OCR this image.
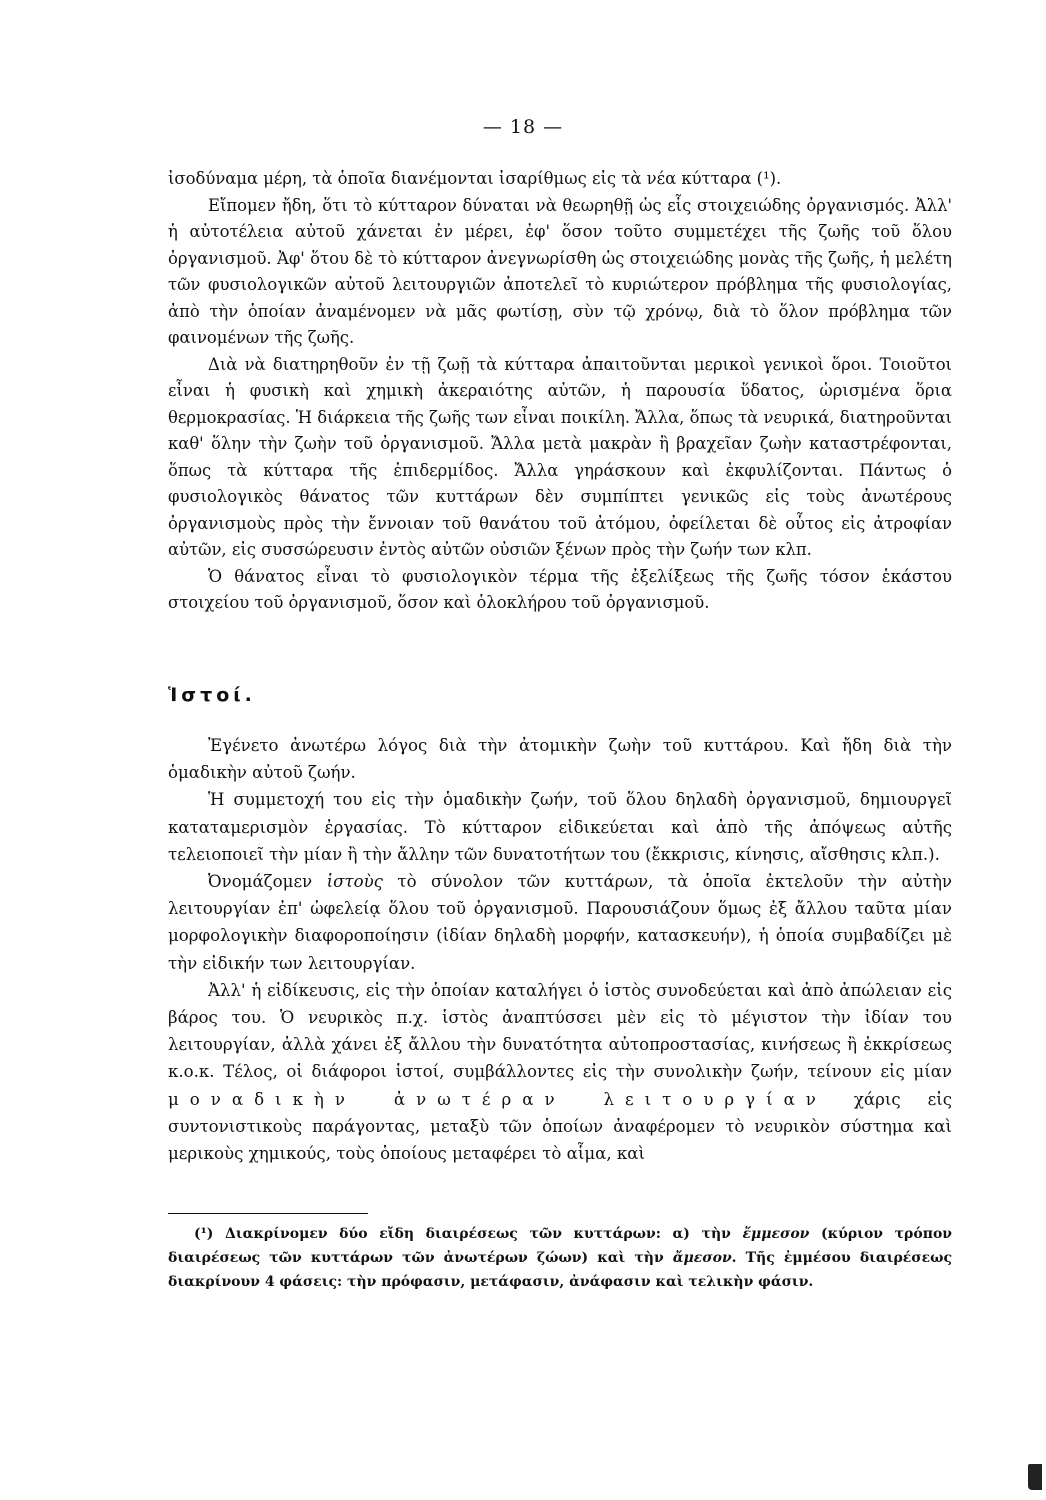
— 18 —

ἰσοδύναμα μέρη, τὰ ὁποῖα διανέμονται ἰσαρίθμως εἰς τὰ νέα κύτταρα (¹).

Εἴπομεν ἤδη, ὅτι τὸ κύτταρον δύναται νὰ θεωρηθῇ ὡς εἷς στοιχειώδης ὀργανισμός. Ἀλλ' ἡ αὐτοτέλεια αὐτοῦ χάνεται ἐν μέρει, ἐφ' ὅσον τοῦτο συμμετέχει τῆς ζωῆς τοῦ ὅλου ὀργανισμοῦ. Ἀφ' ὅτου δὲ τὸ κύτταρον ἀνεγνωρίσθη ὡς στοιχειώδης μονὰς τῆς ζωῆς, ἡ μελέτη τῶν φυσιολογικῶν αὐτοῦ λειτουργιῶν ἀποτελεῖ τὸ κυριώτερον πρόβλημα τῆς φυσιολογίας, ἀπὸ τὴν ὁποίαν ἀναμένομεν νὰ μᾶς φωτίσῃ, σὺν τῷ χρόνῳ, διὰ τὸ ὅλον πρόβλημα τῶν φαινομένων τῆς ζωῆς.

Διὰ νὰ διατηρηθοῦν ἐν τῇ ζωῇ τὰ κύτταρα ἀπαιτοῦνται μερικοὶ γενικοὶ ὅροι. Τοιοῦτοι εἶναι ἡ φυσικὴ καὶ χημικὴ ἀκεραιότης αὐτῶν, ἡ παρουσία ὕδατος, ὡρισμένα ὅρια θερμοκρασίας. Ἡ διάρκεια τῆς ζωῆς των εἶναι ποικίλη. Ἄλλα, ὅπως τὰ νευρικά, διατηροῦνται καθ' ὅλην τὴν ζωὴν τοῦ ὀργανισμοῦ. Ἄλλα μετὰ μακρὰν ἢ βραχεῖαν ζωὴν καταστρέφονται, ὅπως τὰ κύτταρα τῆς ἐπιδερμίδος. Ἄλλα γηράσκουν καὶ ἐκφυλίζονται. Πάντως ὁ φυσιολογικὸς θάνατος τῶν κυττάρων δὲν συμπίπτει γενικῶς εἰς τοὺς ἀνωτέρους ὀργανισμοὺς πρὸς τὴν ἔννοιαν τοῦ θανάτου τοῦ ἀτόμου, ὀφείλεται δὲ οὗτος εἰς ἀτροφίαν αὐτῶν, εἰς συσσώρευσιν ἐντὸς αὐτῶν οὐσιῶν ξένων πρὸς τὴν ζωήν των κλπ.

Ὁ θάνατος εἶναι τὸ φυσιολογικὸν τέρμα τῆς ἐξελίξεως τῆς ζωῆς τόσον ἑκάστου στοιχείου τοῦ ὀργανισμοῦ, ὅσον καὶ ὁλοκλήρου τοῦ ὀργανισμοῦ.

Ἱστοί.

Ἐγένετο ἀνωτέρω λόγος διὰ τὴν ἀτομικὴν ζωὴν τοῦ κυττάρου. Καὶ ἤδη διὰ τὴν ὁμαδικὴν αὐτοῦ ζωήν.

Ἡ συμμετοχή του εἰς τὴν ὁμαδικὴν ζωήν, τοῦ ὅλου δηλαδὴ ὀργανισμοῦ, δημιουργεῖ καταταμερισμὸν ἐργασίας. Τὸ κύτταρον εἰδικεύεται καὶ ἀπὸ τῆς ἀπόψεως αὐτῆς τελειοποιεῖ τὴν μίαν ἢ τὴν ἄλλην τῶν δυνατοτήτων του (ἔκκρισις, κίνησις, αἴσθησις κλπ.).

Ὀνομάζομεν ἱστοὺς τὸ σύνολον τῶν κυττάρων, τὰ ὁποῖα ἐκτελοῦν τὴν αὐτὴν λειτουργίαν ἐπ' ὠφελείᾳ ὅλου τοῦ ὀργανισμοῦ. Παρουσιάζουν ὅμως ἐξ ἄλλου ταῦτα μίαν μορφολογικὴν διαφοροποίησιν (ἰδίαν δηλαδὴ μορφήν, κατασκευήν), ἡ ὁποία συμβαδίζει μὲ τὴν εἰδικήν των λειτουργίαν.

Ἀλλ' ἡ εἰδίκευσις, εἰς τὴν ὁποίαν καταλήγει ὁ ἱστὸς συνοδεύεται καὶ ἀπὸ ἀπώλειαν εἰς βάρος του. Ὁ νευρικὸς π.χ. ἱστὸς ἀναπτύσσει μὲν εἰς τὸ μέγιστον τὴν ἰδίαν του λειτουργίαν, ἀλλὰ χάνει ἐξ ἄλλου τὴν δυνατότητα αὐτοπροστασίας, κινήσεως ἢ ἐκκρίσεως κ.ο.κ. Τέλος, οἱ διάφοροι ἱστοί, συμβάλλοντες εἰς τὴν συνολικὴν ζωήν, τείνουν εἰς μίαν μοναδικὴν ἀνωτέραν λειτουργίαν χάρις εἰς συντονιστικοὺς παράγοντας, μεταξὺ τῶν ὁποίων ἀναφέρομεν τὸ νευρικὸν σύστημα καὶ μερικοὺς χημικούς, τοὺς ὁποίους μεταφέρει τὸ αἷμα, καὶ

(¹) Διακρίνομεν δύο εἴδη διαιρέσεως τῶν κυττάρων: α) τὴν ἔμμεσον (κύριον τρόπον διαιρέσεως τῶν κυττάρων τῶν ἀνωτέρων ζώων) καὶ τὴν ἄμεσον. Τῆς ἐμμέσου διαιρέσεως διακρίνουν 4 φάσεις: τὴν πρόφασιν, μετάφασιν, ἀνάφασιν καὶ τελικὴν φάσιν.
